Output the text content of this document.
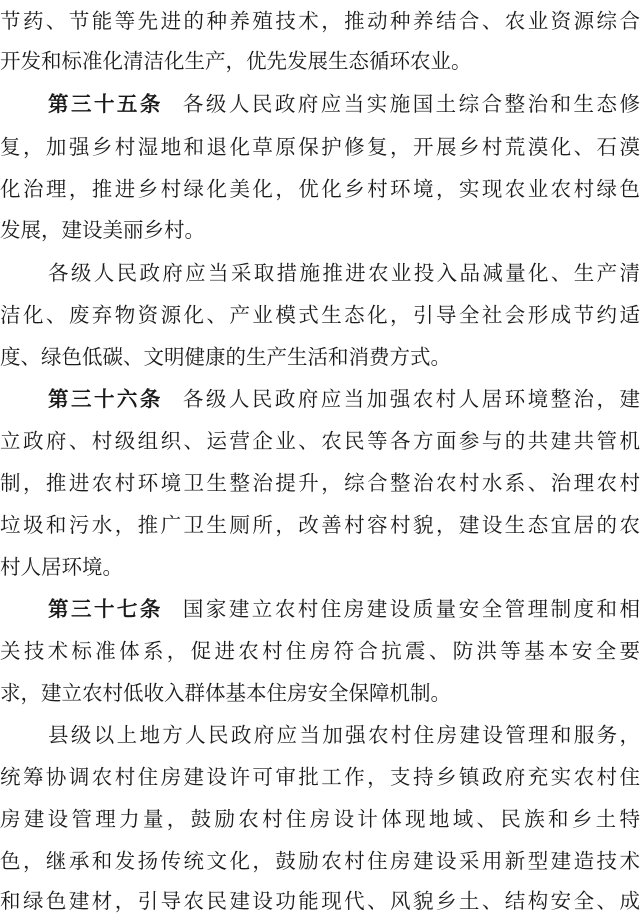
节药、节能等先进的种养殖技术，推动种养结合、农业资源综合
开发和标准化清洁化生产，优先发展生态循环农业。
第三十五条 各级人民政府应当实施国土综合整治和生态修
复，加强乡村湿地和退化草原保护修复，开展乡村荒漠化、石漠
化治理，推进乡村绿化美化，优化乡村环境，实现农业农村绿色
发展，建设美丽乡村。
各级人民政府应当采取措施推进农业投入品减量化、生产清
洁化、废弃物资源化、产业模式生态化，引导全社会形成节约适
度、绿色低碳、文明健康的生产生活和消费方式。
第三十六条 各级人民政府应当加强农村人居环境整治，建
立政府、村级组织、运营企业、农民等各方面参与的共建共管机
制，推进农村环境卫生整治提升，综合整治农村水系、治理农村
垃圾和污水，推广卫生厕所，改善村容村貌，建设生态宜居的农
村人居环境。
第三十七条 国家建立农村住房建设质量安全管理制度和相
关技术标准体系，促进农村住房符合抗震、防洪等基本安全要
求，建立农村低收入群体基本住房安全保障机制。
县级以上地方人民政府应当加强农村住房建设管理和服务，
统筹协调农村住房建设许可审批工作，支持乡镇政府充实农村住
房建设管理力量，鼓励农村住房设计体现地域、民族和乡土特
色，继承和发扬传统文化，鼓励农村住房建设采用新型建造技术
和绿色建材，引导农民建设功能现代、风貌乡土、结构安全、成
